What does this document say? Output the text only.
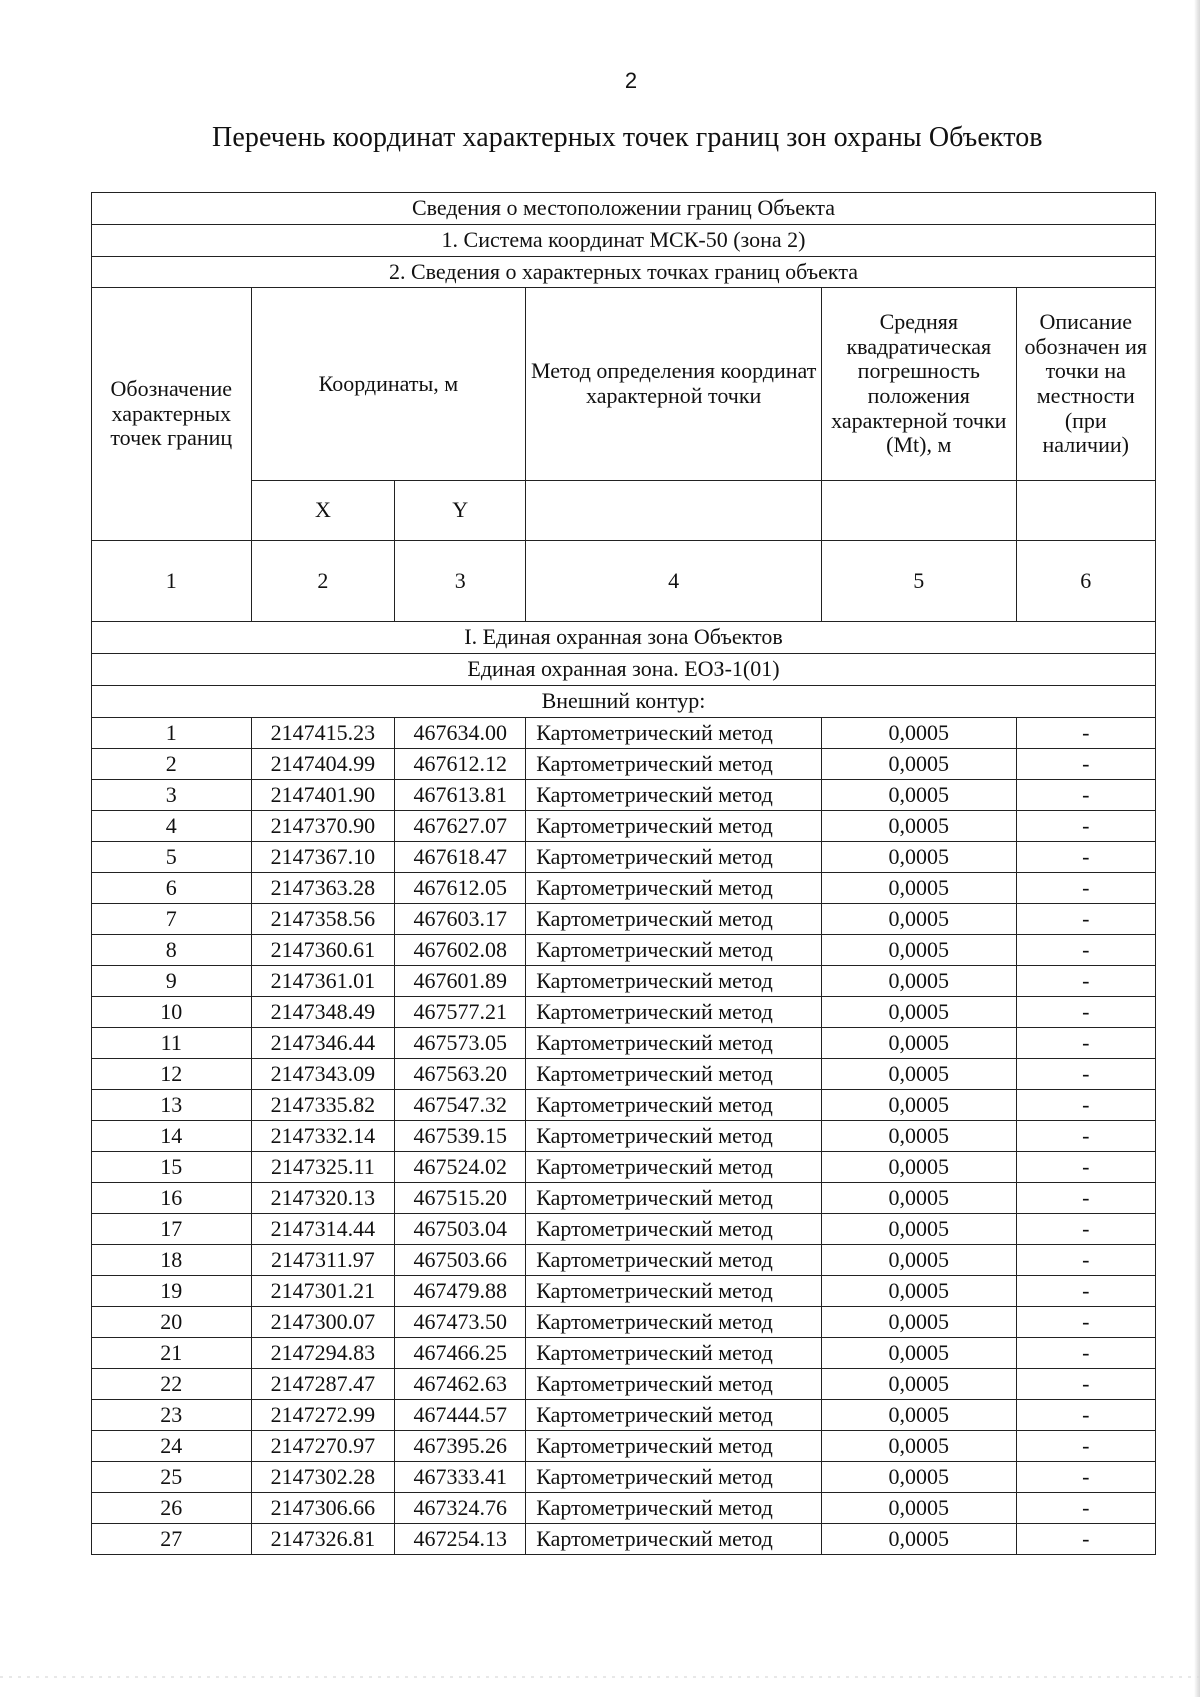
2
Перечень координат характерных точек границ зон охраны Объектов
Сведения о местоположении границ Объекта					
1. Система координат МСК-50 (зона 2)					
2. Сведения о характерных точках границ объекта					
Обозначение характерных точек границ	Координаты, м		Метод определения координат характерной точки	Средняя квадратическая погрешность положения характерной точки (Mt), м	Описание обозначен ия точки на местности (при наличии)
	X	Y			
1	2	3	4	5	6
I. Единая охранная зона Объектов					
Единая охранная зона. ЕОЗ-1(01)					
Внешний контур:					
1	2147415.23	467634.00	Картометрический метод	0,0005	-
2	2147404.99	467612.12	Картометрический метод	0,0005	-
3	2147401.90	467613.81	Картометрический метод	0,0005	-
4	2147370.90	467627.07	Картометрический метод	0,0005	-
5	2147367.10	467618.47	Картометрический метод	0,0005	-
6	2147363.28	467612.05	Картометрический метод	0,0005	-
7	2147358.56	467603.17	Картометрический метод	0,0005	-
8	2147360.61	467602.08	Картометрический метод	0,0005	-
9	2147361.01	467601.89	Картометрический метод	0,0005	-
10	2147348.49	467577.21	Картометрический метод	0,0005	-
11	2147346.44	467573.05	Картометрический метод	0,0005	-
12	2147343.09	467563.20	Картометрический метод	0,0005	-
13	2147335.82	467547.32	Картометрический метод	0,0005	-
14	2147332.14	467539.15	Картометрический метод	0,0005	-
15	2147325.11	467524.02	Картометрический метод	0,0005	-
16	2147320.13	467515.20	Картометрический метод	0,0005	-
17	2147314.44	467503.04	Картометрический метод	0,0005	-
18	2147311.97	467503.66	Картометрический метод	0,0005	-
19	2147301.21	467479.88	Картометрический метод	0,0005	-
20	2147300.07	467473.50	Картометрический метод	0,0005	-
21	2147294.83	467466.25	Картометрический метод	0,0005	-
22	2147287.47	467462.63	Картометрический метод	0,0005	-
23	2147272.99	467444.57	Картометрический метод	0,0005	-
24	2147270.97	467395.26	Картометрический метод	0,0005	-
25	2147302.28	467333.41	Картометрический метод	0,0005	-
26	2147306.66	467324.76	Картометрический метод	0,0005	-
27	2147326.81	467254.13	Картометрический метод	0,0005	-
